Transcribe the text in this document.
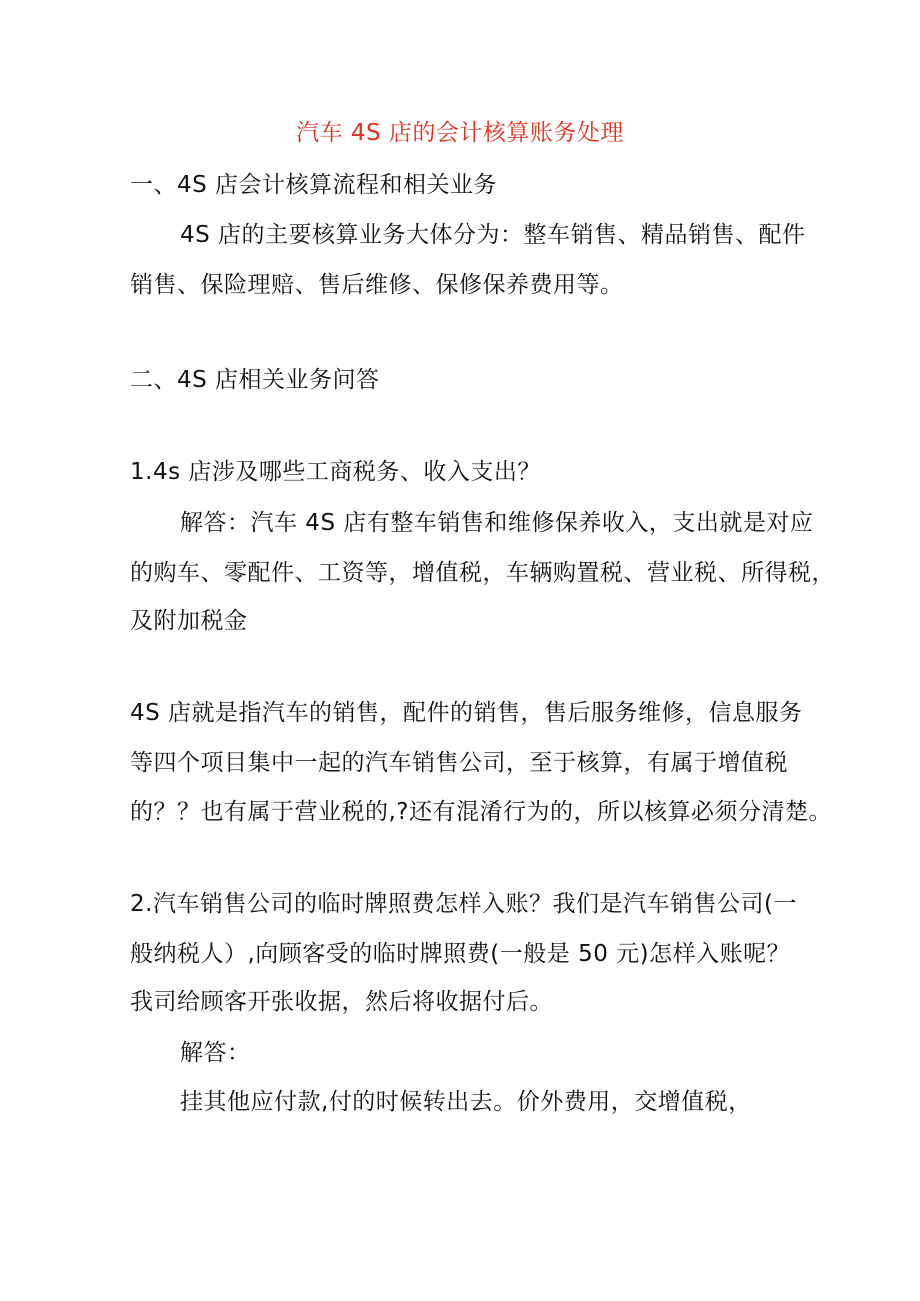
汽车 4S 店的会计核算账务处理
一、4S 店会计核算流程和相关业务
4S 店的主要核算业务大体分为：整车销售、精品销售、配件
销售、保险理赔、售后维修、保修保养费用等。
二、4S 店相关业务问答
1.4s 店涉及哪些工商税务、收入支出？
解答：汽车 4S 店有整车销售和维修保养收入，支出就是对应
的购车、零配件、工资等，增值税，车辆购置税、营业税、所得税，
及附加税金
4S 店就是指汽车的销售，配件的销售，售后服务维修，信息服务
等四个项目集中一起的汽车销售公司，至于核算，有属于增值税
的？？也有属于营业税的,?还有混淆行为的，所以核算必须分清楚。
2.汽车销售公司的临时牌照费怎样入账？我们是汽车销售公司(一
般纳税人）,向顾客受的临时牌照费(一般是 50 元)怎样入账呢？
我司给顾客开张收据，然后将收据付后。
解答：
挂其他应付款,付的时候转出去。价外费用，交增值税，
